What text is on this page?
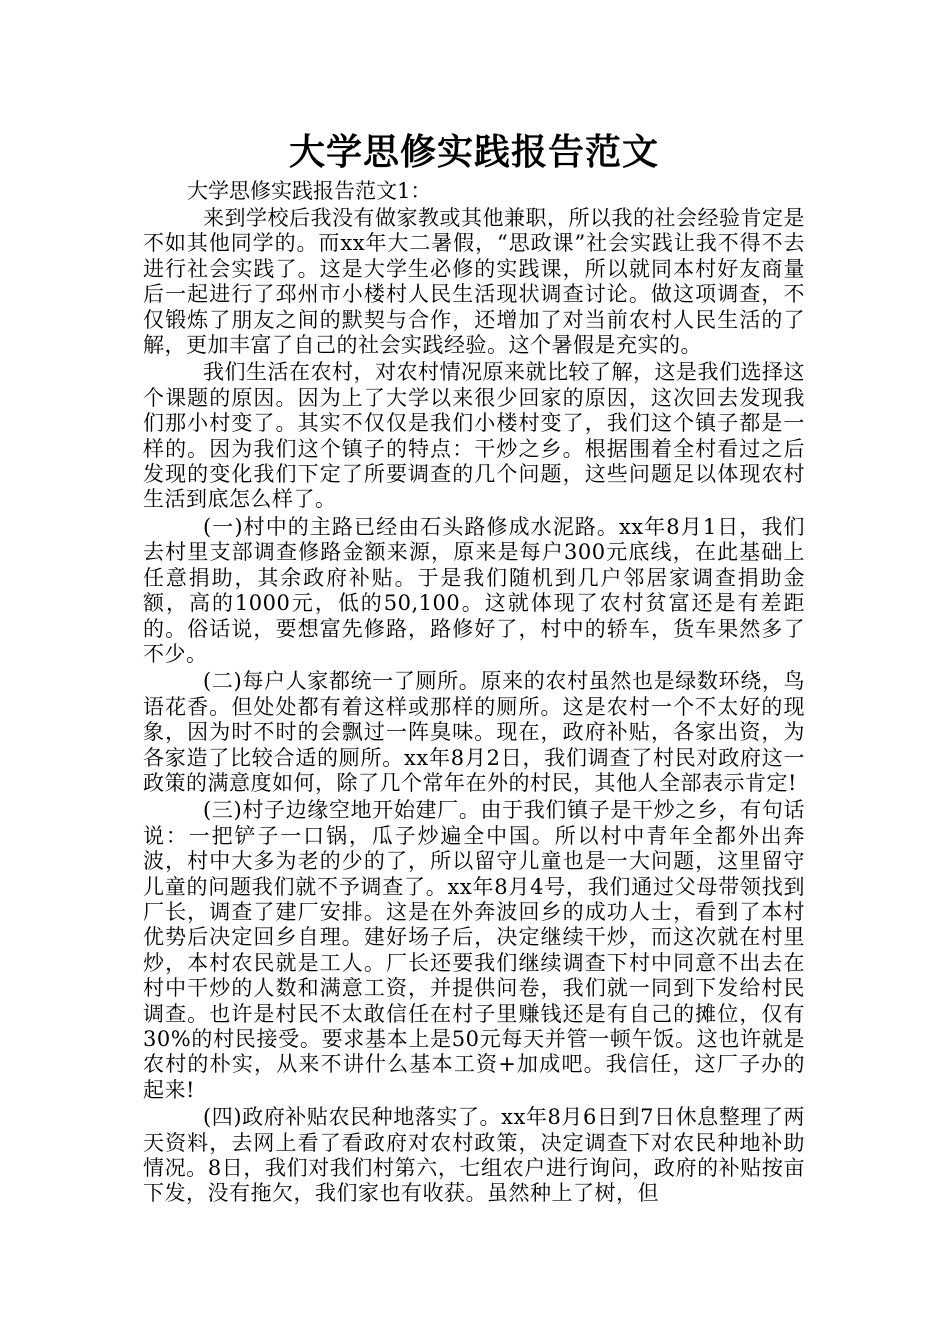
大学思修实践报告范文

大学思修实践报告范文1：

来到学校后我没有做家教或其他兼职，所以我的社会经验肯定是不如其他同学的。而xx年大二暑假，“思政课”社会实践让我不得不去进行社会实践了。这是大学生必修的实践课，所以就同本村好友商量后一起进行了邳州市小楼村人民生活现状调查讨论。做这项调查，不仅锻炼了朋友之间的默契与合作，还增加了对当前农村人民生活的了解，更加丰富了自己的社会实践经验。这个暑假是充实的。

我们生活在农村，对农村情况原来就比较了解，这是我们选择这个课题的原因。因为上了大学以来很少回家的原因，这次回去发现我们那小村变了。其实不仅仅是我们小楼村变了，我们这个镇子都是一样的。因为我们这个镇子的特点：干炒之乡。根据围着全村看过之后发现的变化我们下定了所要调查的几个问题，这些问题足以体现农村生活到底怎么样了。

(一)村中的主路已经由石头路修成水泥路。xx年8月1日，我们去村里支部调查修路金额来源，原来是每户300元底线，在此基础上任意捐助，其余政府补贴。于是我们随机到几户邻居家调查捐助金额，高的1000元，低的50,100。这就体现了农村贫富还是有差距的。俗话说，要想富先修路，路修好了，村中的轿车，货车果然多了不少。

(二)每户人家都统一了厕所。原来的农村虽然也是绿数环绕，鸟语花香。但处处都有着这样或那样的厕所。这是农村一个不太好的现象，因为时不时的会飘过一阵臭味。现在，政府补贴，各家出资，为各家造了比较合适的厕所。xx年8月2日，我们调查了村民对政府这一政策的满意度如何，除了几个常年在外的村民，其他人全部表示肯定!

(三)村子边缘空地开始建厂。由于我们镇子是干炒之乡，有句话说：一把铲子一口锅，瓜子炒遍全中国。所以村中青年全都外出奔波，村中大多为老的少的了，所以留守儿童也是一大问题，这里留守儿童的问题我们就不予调查了。xx年8月4号，我们通过父母带领找到厂长，调查了建厂安排。这是在外奔波回乡的成功人士，看到了本村优势后决定回乡自理。建好场子后，决定继续干炒，而这次就在村里炒，本村农民就是工人。厂长还要我们继续调查下村中同意不出去在村中干炒的人数和满意工资，并提供问卷，我们就一同到下发给村民调查。也许是村民不太敢信任在村子里赚钱还是有自己的摊位，仅有30%的村民接受。要求基本上是50元每天并管一顿午饭。这也许就是农村的朴实，从来不讲什么基本工资+加成吧。我信任，这厂子办的起来!

(四)政府补贴农民种地落实了。xx年8月6日到7日休息整理了两天资料，去网上看了看政府对农村政策，决定调查下对农民种地补助情况。8日，我们对我们村第六，七组农户进行询问，政府的补贴按亩下发，没有拖欠，我们家也有收获。虽然种上了树，但
